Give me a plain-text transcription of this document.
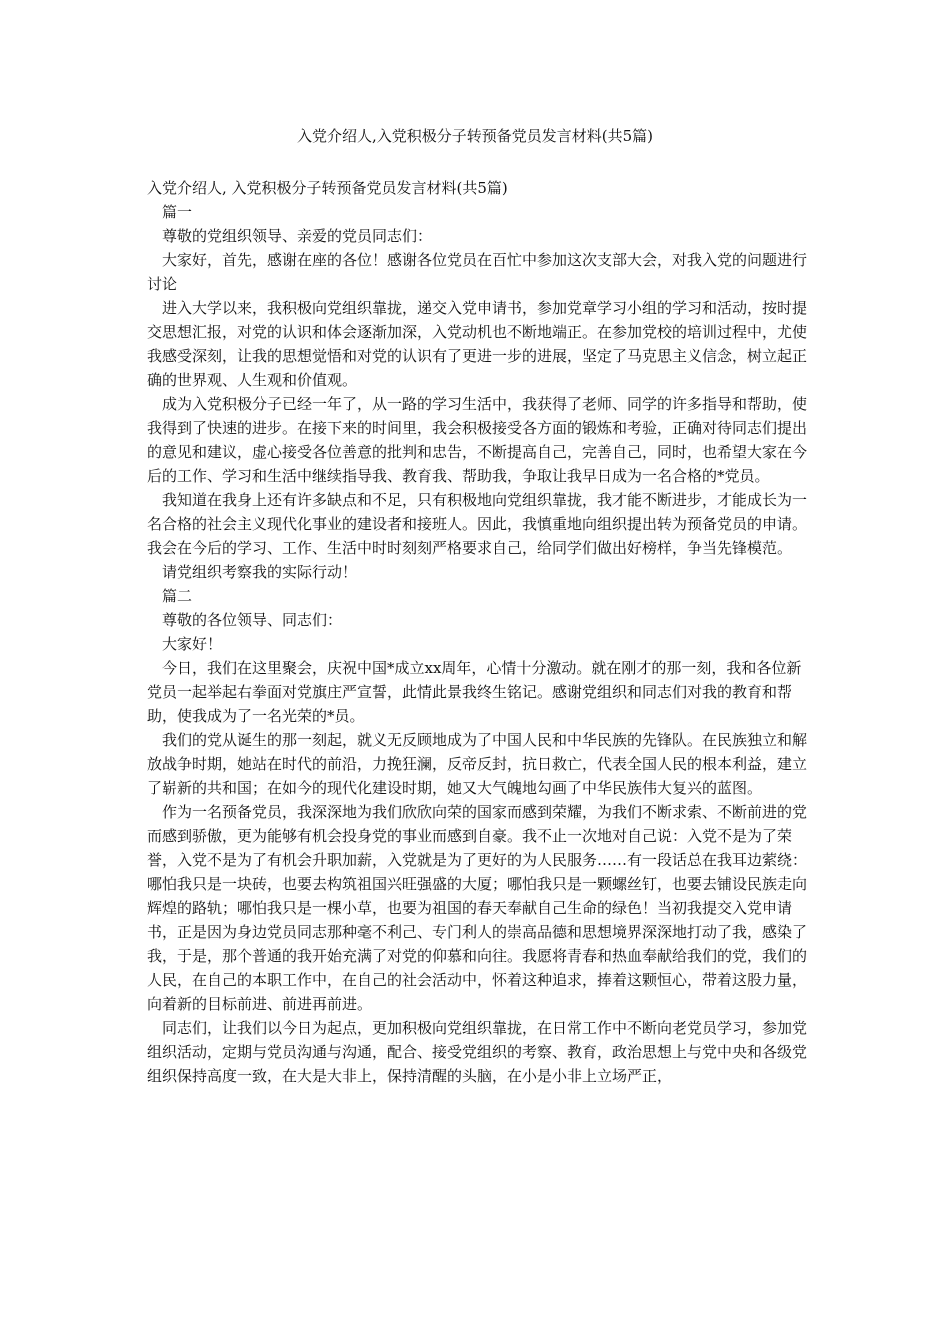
入党介绍人,入党积极分子转预备党员发言材料(共5篇)

入党介绍人, 入党积极分子转预备党员发言材料(共5篇)

篇一

尊敬的党组织领导、亲爱的党员同志们：

大家好，首先，感谢在座的各位！感谢各位党员在百忙中参加这次支部大会，对我入党的问题进行讨论

进入大学以来，我积极向党组织靠拢，递交入党申请书，参加党章学习小组的学习和活动，按时提交思想汇报，对党的认识和体会逐渐加深，入党动机也不断地端正。在参加党校的培训过程中，尤使我感受深刻，让我的思想觉悟和对党的认识有了更进一步的进展，坚定了马克思主义信念，树立起正确的世界观、人生观和价值观。

成为入党积极分子已经一年了，从一路的学习生活中，我获得了老师、同学的许多指导和帮助，使我得到了快速的进步。在接下来的时间里，我会积极接受各方面的锻炼和考验，正确对待同志们提出的意见和建议，虚心接受各位善意的批判和忠告，不断提高自己，完善自己，同时，也希望大家在今后的工作、学习和生活中继续指导我、教育我、帮助我，争取让我早日成为一名合格的*党员。

我知道在我身上还有许多缺点和不足，只有积极地向党组织靠拢，我才能不断进步，才能成长为一名合格的社会主义现代化事业的建设者和接班人。因此，我慎重地向组织提出转为预备党员的申请。我会在今后的学习、工作、生活中时时刻刻严格要求自己，给同学们做出好榜样，争当先锋模范。

请党组织考察我的实际行动！

篇二

尊敬的各位领导、同志们：

大家好！

今日，我们在这里聚会，庆祝中国*成立xx周年，心情十分激动。就在刚才的那一刻，我和各位新党员一起举起右拳面对党旗庄严宣誓，此情此景我终生铭记。感谢党组织和同志们对我的教育和帮助，使我成为了一名光荣的*员。

我们的党从诞生的那一刻起，就义无反顾地成为了中国人民和中华民族的先锋队。在民族独立和解放战争时期，她站在时代的前沿，力挽狂澜，反帝反封，抗日救亡，代表全国人民的根本利益，建立了崭新的共和国；在如今的现代化建设时期，她又大气魄地勾画了中华民族伟大复兴的蓝图。

作为一名预备党员，我深深地为我们欣欣向荣的国家而感到荣耀，为我们不断求索、不断前进的党而感到骄傲，更为能够有机会投身党的事业而感到自豪。我不止一次地对自己说：入党不是为了荣誉，入党不是为了有机会升职加薪，入党就是为了更好的为人民服务……有一段话总在我耳边萦绕：哪怕我只是一块砖，也要去构筑祖国兴旺强盛的大厦；哪怕我只是一颗螺丝钉，也要去铺设民族走向辉煌的路轨；哪怕我只是一棵小草，也要为祖国的春天奉献自己生命的绿色！当初我提交入党申请书，正是因为身边党员同志那种毫不利己、专门利人的崇高品德和思想境界深深地打动了我，感染了我，于是，那个普通的我开始充满了对党的仰慕和向往。我愿将青春和热血奉献给我们的党，我们的人民，在自己的本职工作中，在自己的社会活动中，怀着这种追求，捧着这颗恒心，带着这股力量，向着新的目标前进、前进再前进。

同志们，让我们以今日为起点，更加积极向党组织靠拢，在日常工作中不断向老党员学习，参加党组织活动，定期与党员沟通与沟通，配合、接受党组织的考察、教育，政治思想上与党中央和各级党组织保持高度一致，在大是大非上，保持清醒的头脑，在小是小非上立场严正，
